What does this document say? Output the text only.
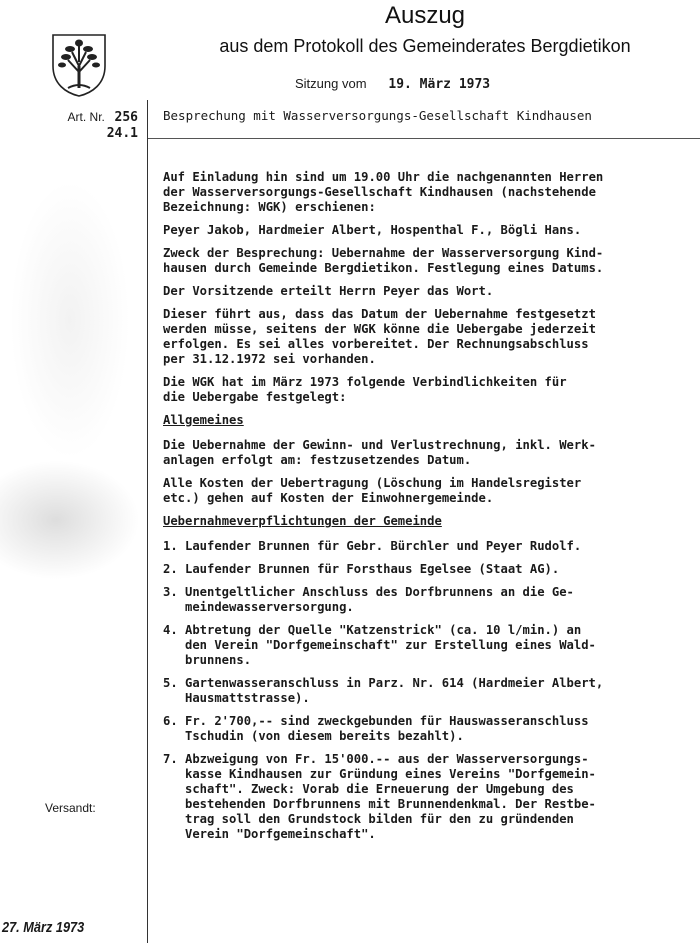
Auszug
aus dem Protokoll des Gemeinderates Bergdietikon
Sitzung vom 19. März 1973
Art. Nr. 256
24.1
Besprechung mit Wasserversorgungs-Gesellschaft Kindhausen

Auf Einladung hin sind um 19.00 Uhr die nachgenannten Herren
der Wasserversorgungs-Gesellschaft Kindhausen (nachstehende
Bezeichnung: WGK) erschienen:

Peyer Jakob, Hardmeier Albert, Hospenthal F., Bögli Hans.

Zweck der Besprechung: Uebernahme der Wasserversorgung Kind-
hausen durch Gemeinde Bergdietikon. Festlegung eines Datums.

Der Vorsitzende erteilt Herrn Peyer das Wort.

Dieser führt aus, dass das Datum der Uebernahme festgesetzt
werden müsse, seitens der WGK könne die Uebergabe jederzeit
erfolgen. Es sei alles vorbereitet. Der Rechnungsabschluss
per 31.12.1972 sei vorhanden.

Die WGK hat im März 1973 folgende Verbindlichkeiten für
die Uebergabe festgelegt:

Allgemeines

Die Uebernahme der Gewinn- und Verlustrechnung, inkl. Werk-
anlagen erfolgt am: festzusetzendes Datum.

Alle Kosten der Uebertragung (Löschung im Handelsregister
etc.) gehen auf Kosten der Einwohnergemeinde.

Uebernahmeverpflichtungen der Gemeinde
1. Laufender Brunnen für Gebr. Bürchler und Peyer Rudolf.
2. Laufender Brunnen für Forsthaus Egelsee (Staat AG).
3. Unentgeltlicher Anschluss des Dorfbrunnens an die Ge-
meindewasserversorgung.
4. Abtretung der Quelle "Katzenstrick" (ca. 10 l/min.) an
den Verein "Dorfgemeinschaft" zur Erstellung eines Wald-
brunnens.
5. Gartenwasseranschluss in Parz. Nr. 614 (Hardmeier Albert,
Hausmattstrasse).
6. Fr. 2'700,-- sind zweckgebunden für Hauswasseranschluss
Tschudin (von diesem bereits bezahlt).
7. Abzweigung von Fr. 15'000.-- aus der Wasserversorgungs-
kasse Kindhausen zur Gründung eines Vereins "Dorfgemein-
schaft". Zweck: Vorab die Erneuerung der Umgebung des
bestehenden Dorfbrunnens mit Brunnendenkmal. Der Restbe-
trag soll den Grundstock bilden für den zu gründenden
Verein "Dorfgemeinschaft".
Versandt:
27. März 1973
